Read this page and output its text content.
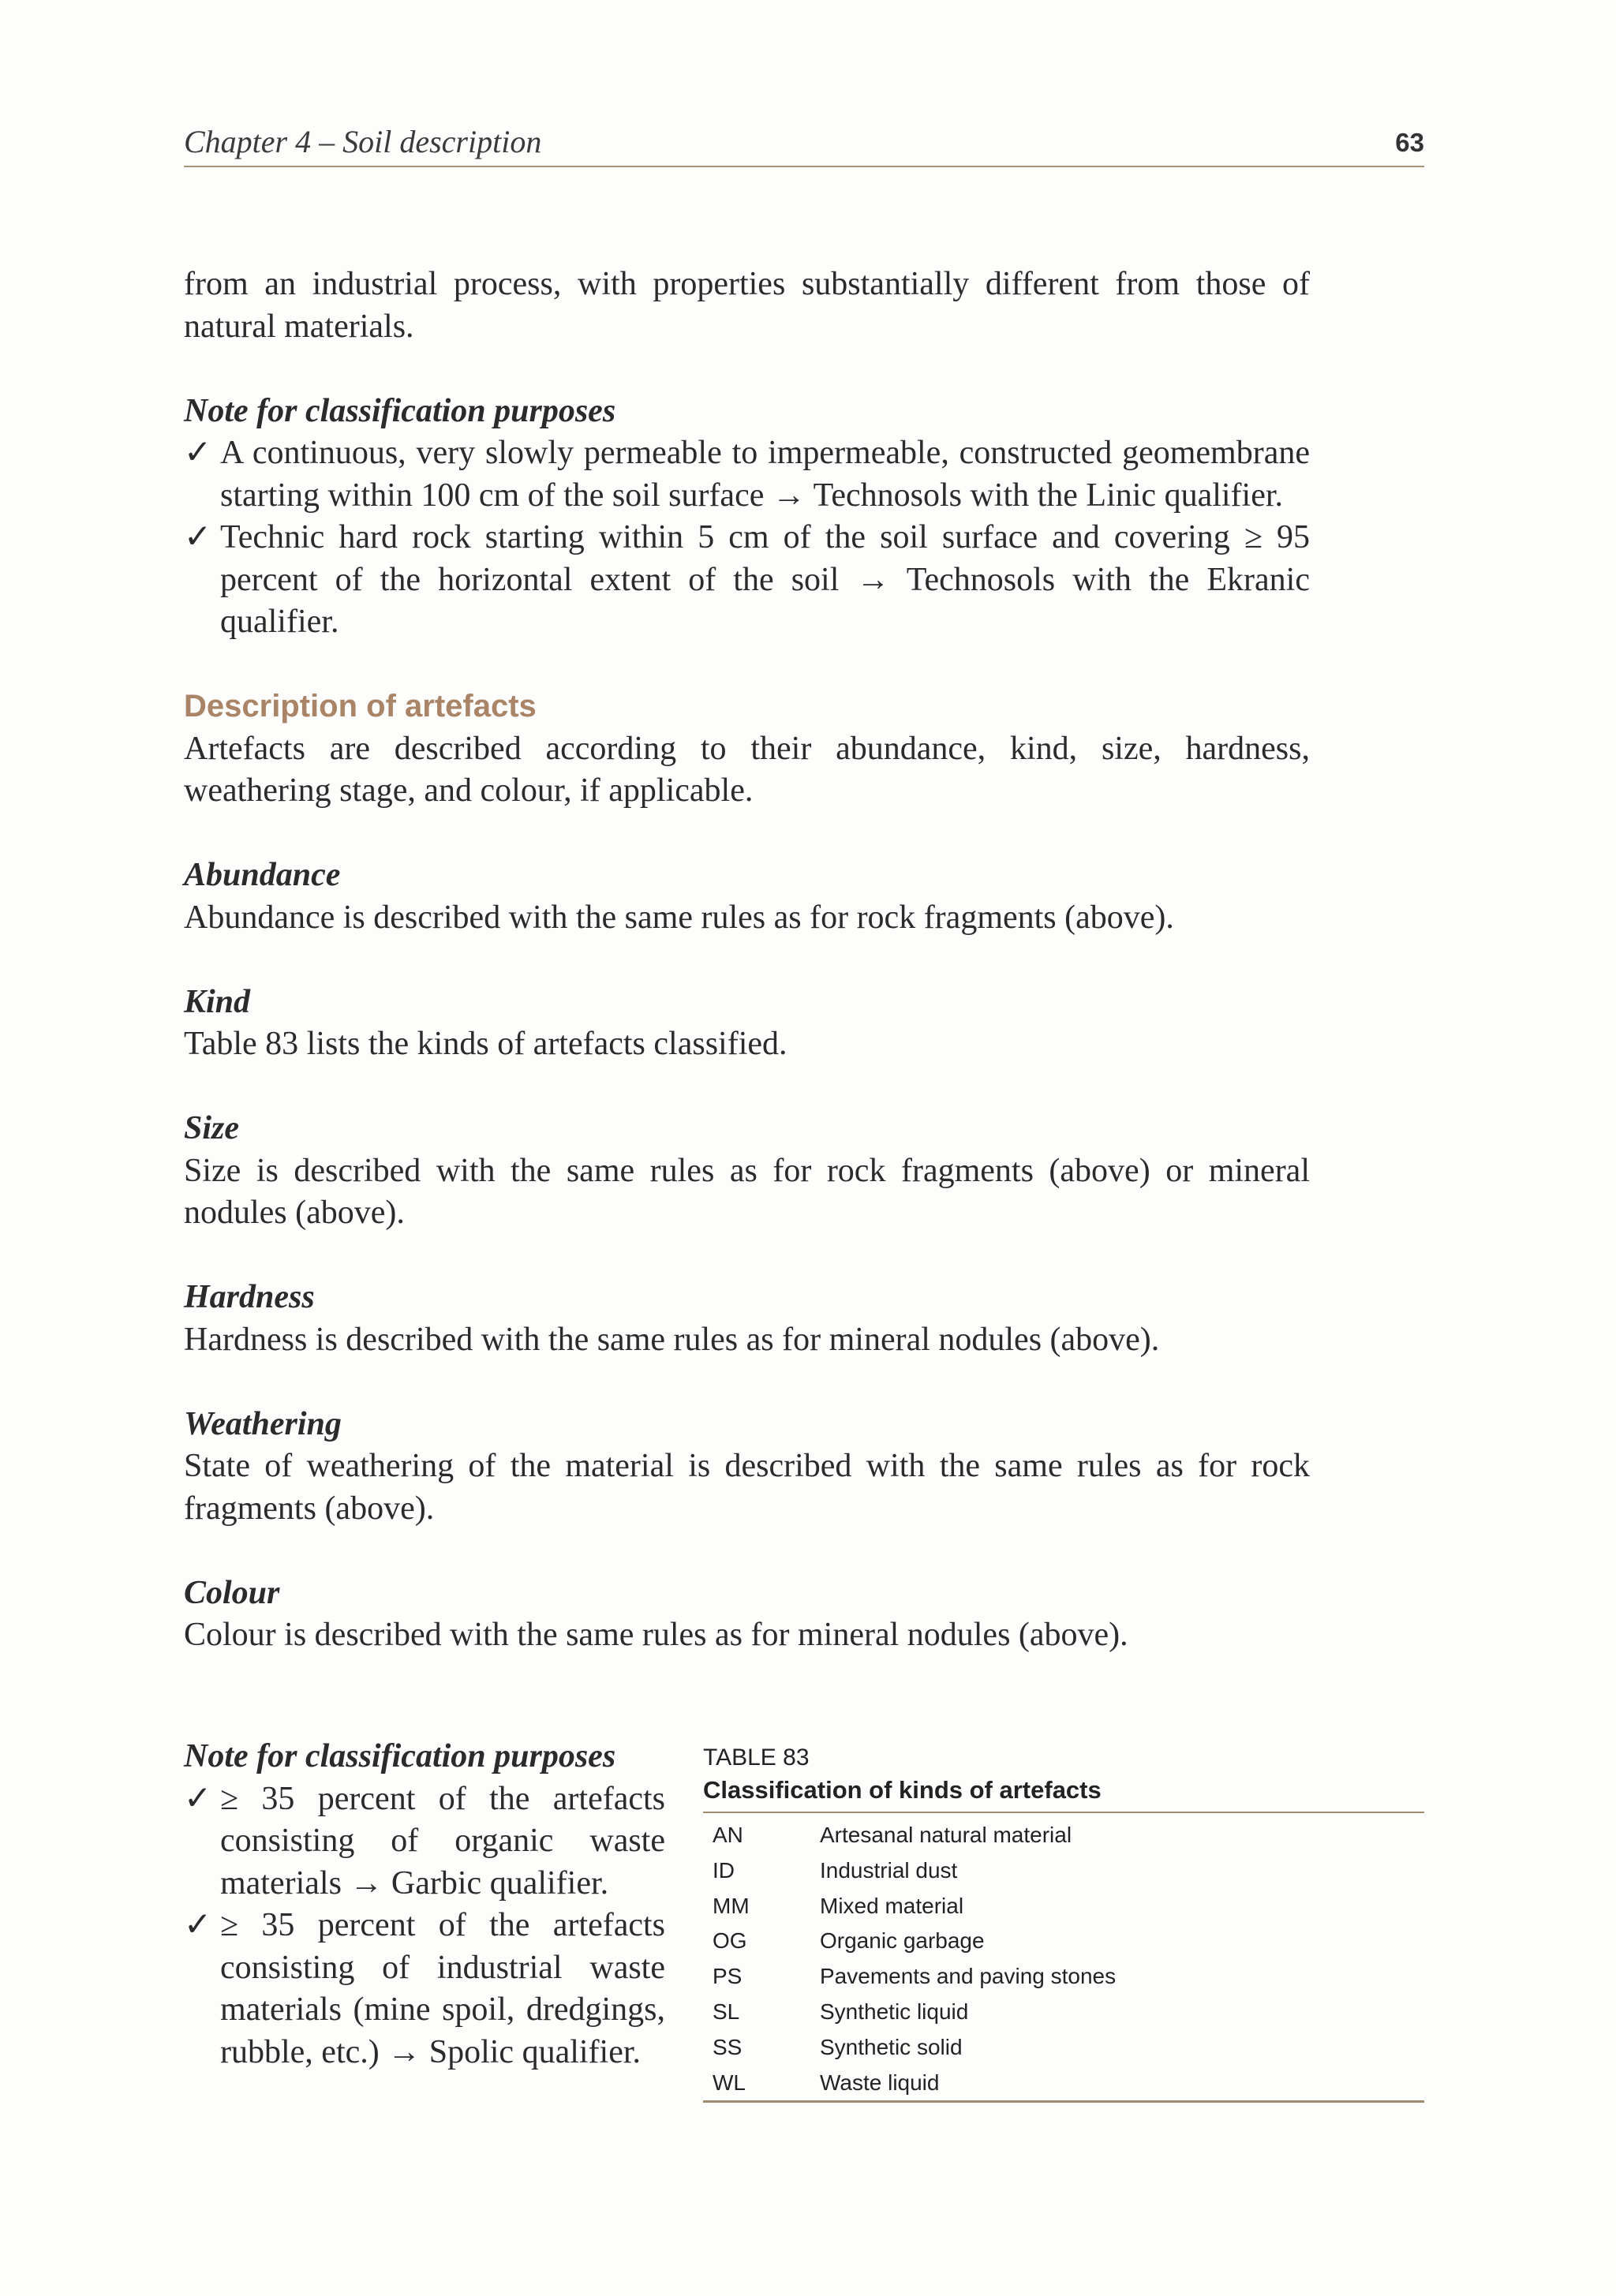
Chapter 4 – Soil description	63

from an industrial process, with properties substantially different from those of natural materials.

Note for classification purposes
✓ A continuous, very slowly permeable to impermeable, constructed geomembrane starting within 100 cm of the soil surface → Technosols with the Linic qualifier.
✓ Technic hard rock starting within 5 cm of the soil surface and covering ≥ 95 percent of the horizontal extent of the soil → Technosols with the Ekranic qualifier.
Description of artefacts

Artefacts are described according to their abundance, kind, size, hardness, weathering stage, and colour, if applicable.

Abundance

Abundance is described with the same rules as for rock fragments (above).

Kind

Table 83 lists the kinds of artefacts classified.

Size

Size is described with the same rules as for rock fragments (above) or mineral nodules (above).

Hardness

Hardness is described with the same rules as for mineral nodules (above).

Weathering

State of weathering of the material is described with the same rules as for rock fragments (above).

Colour

Colour is described with the same rules as for mineral nodules (above).

Note for classification purposes
✓ ≥ 35 percent of the artefacts consisting of organic waste materials → Garbic qualifier.
✓ ≥ 35 percent of the artefacts consisting of industrial waste materials (mine spoil, dredgings, rubble, etc.) → Spolic qualifier.
TABLE 83
Classification of kinds of artefacts
AN	Artesanal natural material
ID	Industrial dust
MM	Mixed material
OG	Organic garbage
PS	Pavements and paving stones
SL	Synthetic liquid
SS	Synthetic solid
WL	Waste liquid
